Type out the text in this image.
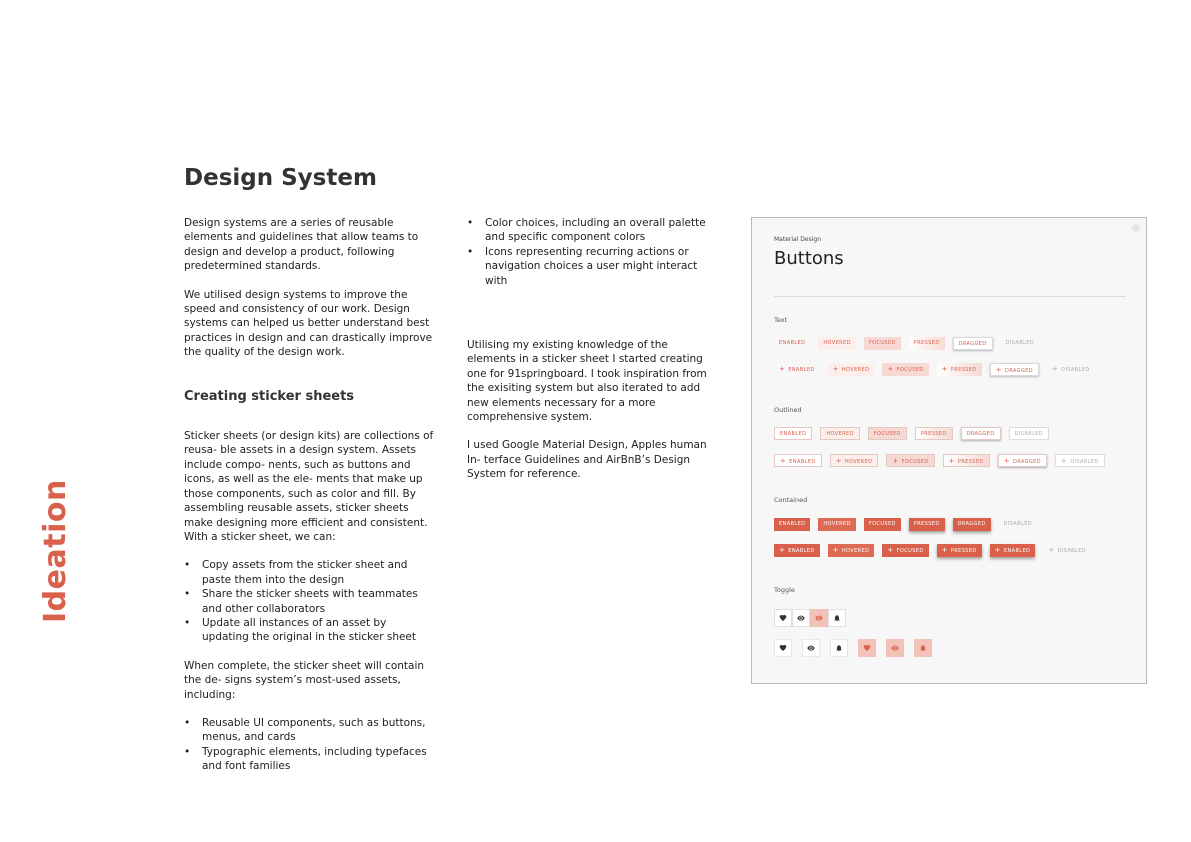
Ideation
Design System

Design systems are a series of reusable elements and guidelines that allow teams to design and develop a product, following predetermined standards.

We utilised design systems to improve the speed and consistency of our work. Design systems can helped us better understand best practices in design and can drastically improve the quality of the design work.

Creating sticker sheets

Sticker sheets (or design kits) are collections of reusa- ble assets in a design system. Assets include compo- nents, such as buttons and icons, as well as the ele- ments that make up those components, such as color and fill. By assembling reusable assets, sticker sheets make designing more efficient and consistent. With a sticker sheet, we can:

• Copy assets from the sticker sheet and paste them into the design
• Share the sticker sheets with teammates and other collaborators
• Update all instances of an asset by updating the original in the sticker sheet

When complete, the sticker sheet will contain the de- signs system’s most-used assets, including:

• Reusable UI components, such as buttons, menus, and cards
• Typographic elements, including typefaces and font families
• Color choices, including an overall palette and specific component colors
• Icons representing recurring actions or navigation choices a user might interact with

Utilising my existing knowledge of the elements in a sticker sheet I started creating one for 91springboard. I took inspiration from the exisiting system but also iterated to add new elements necessary for a more comprehensive system.

I used Google Material Design, Apples human In- terface Guidelines and AirBnB’s Design System for reference.

Material Design
Buttons
Text
ENABLED	HOVERED	FOCUSED	PRESSED	DRAGGED	DISABLED
+ ENABLED	+ HOVERED	+ FOCUSED	+ PRESSED	+ DRAGGED	+ DISABLED
Outlined
ENABLED	HOVERED	FOCUSED	PRESSED	DRAGGED	DISABLED
+ ENABLED	+ HOVERED	+ FOCUSED	+ PRESSED	+ DRAGGED	+ DISABLED
Contained
ENABLED	HOVERED	FOCUSED	PRESSED	DRAGGED	DISABLED
+ ENABLED	+ HOVERED	+ FOCUSED	+ PRESSED	+ ENABLED	+ DISABLED
Toggle
